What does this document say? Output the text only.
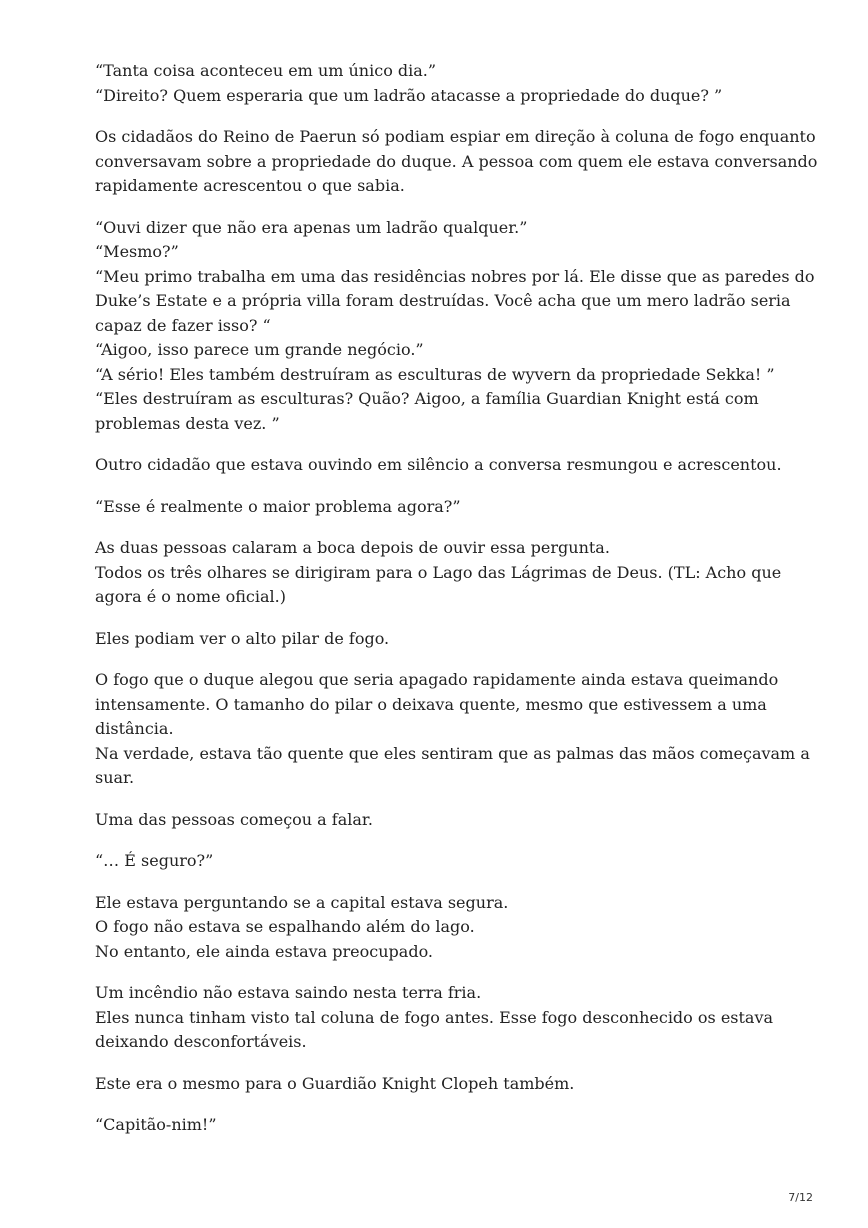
“Tanta coisa aconteceu em um único dia.”
“Direito? Quem esperaria que um ladrão atacasse a propriedade do duque? ”

Os cidadãos do Reino de Paerun só podiam espiar em direção à coluna de fogo enquanto
conversavam sobre a propriedade do duque. A pessoa com quem ele estava conversando
rapidamente acrescentou o que sabia.

“Ouvi dizer que não era apenas um ladrão qualquer.”
“Mesmo?”
“Meu primo trabalha em uma das residências nobres por lá. Ele disse que as paredes do
Duke’s Estate e a própria villa foram destruídas. Você acha que um mero ladrão seria
capaz de fazer isso? “
“Aigoo, isso parece um grande negócio.”
“A sério! Eles também destruíram as esculturas de wyvern da propriedade Sekka! ”
“Eles destruíram as esculturas? Quão? Aigoo, a família Guardian Knight está com
problemas desta vez. ”

Outro cidadão que estava ouvindo em silêncio a conversa resmungou e acrescentou.

“Esse é realmente o maior problema agora?”

As duas pessoas calaram a boca depois de ouvir essa pergunta.
Todos os três olhares se dirigiram para o Lago das Lágrimas de Deus. (TL: Acho que
agora é o nome oficial.)

Eles podiam ver o alto pilar de fogo.

O fogo que o duque alegou que seria apagado rapidamente ainda estava queimando
intensamente. O tamanho do pilar o deixava quente, mesmo que estivessem a uma
distância.
Na verdade, estava tão quente que eles sentiram que as palmas das mãos começavam a
suar.

Uma das pessoas começou a falar.

“… É seguro?”

Ele estava perguntando se a capital estava segura.
O fogo não estava se espalhando além do lago.
No entanto, ele ainda estava preocupado.

Um incêndio não estava saindo nesta terra fria.
Eles nunca tinham visto tal coluna de fogo antes. Esse fogo desconhecido os estava
deixando desconfortáveis.

Este era o mesmo para o Guardião Knight Clopeh também.

“Capitão-nim!”

7/12
